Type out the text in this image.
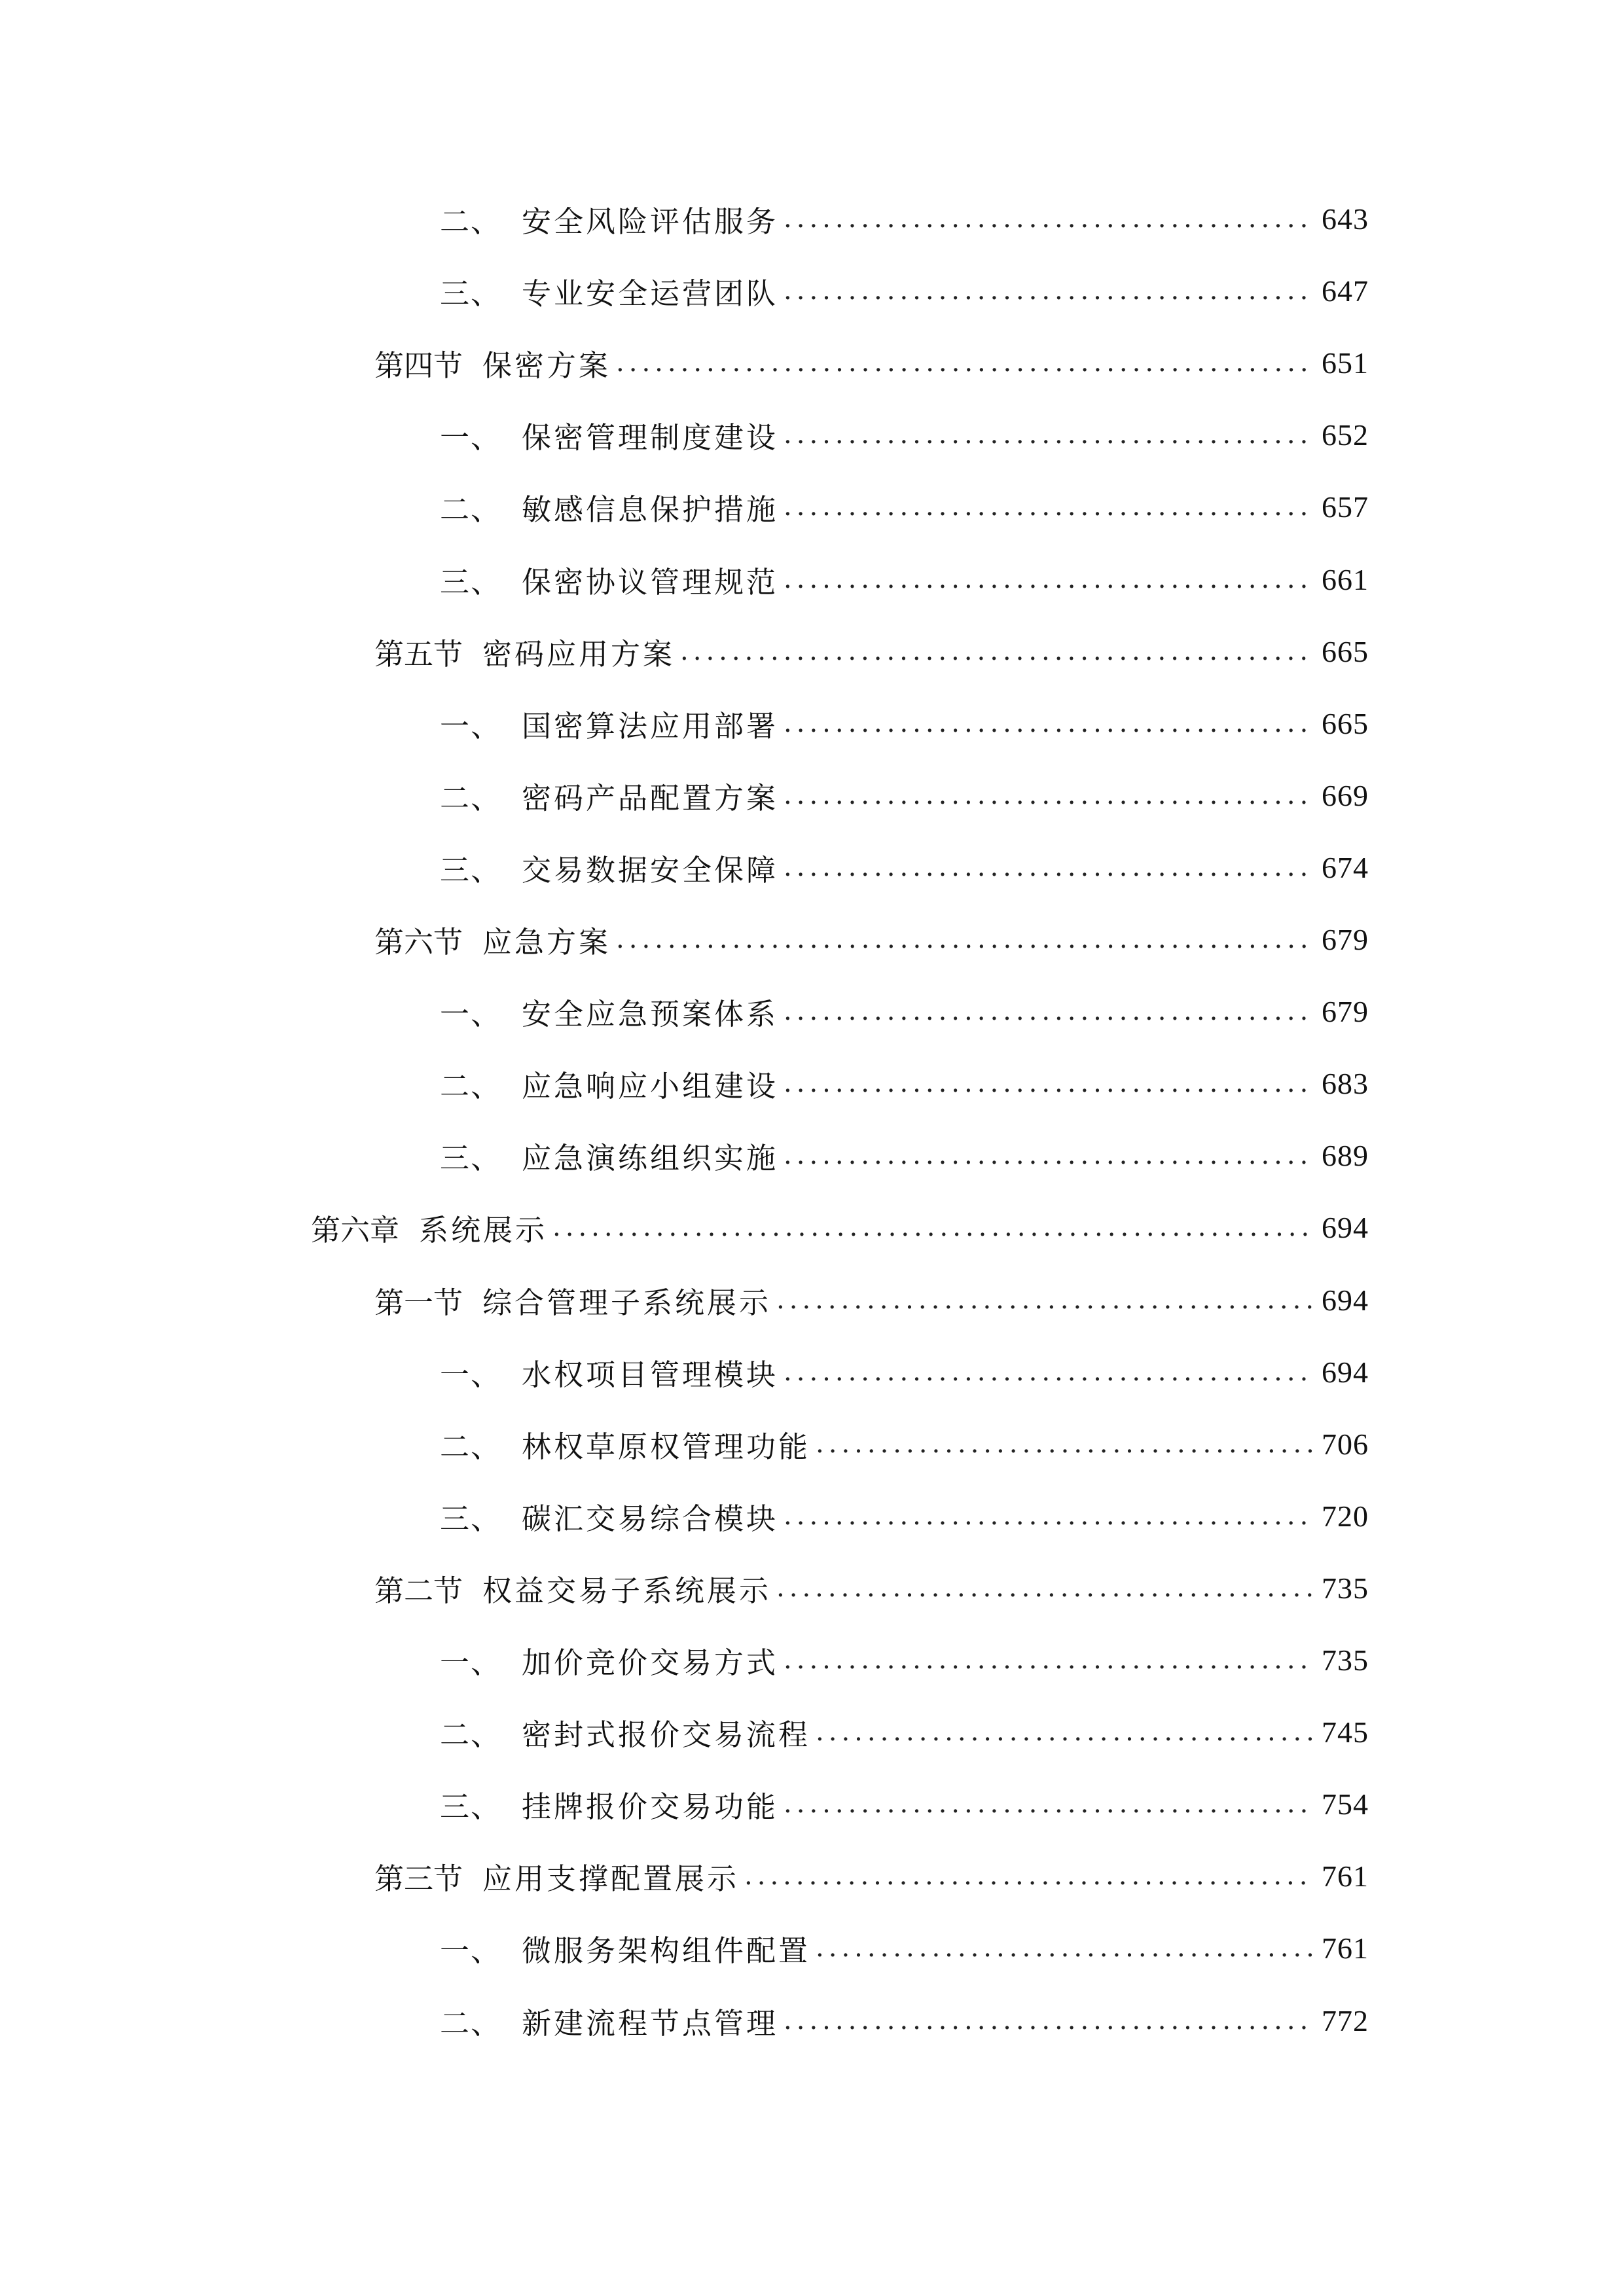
二、 安全风险评估服务 .....	643
三、 专业安全运营团队 .....	647
第四节 保密方案 .....	651
一、 保密管理制度建设 .....	652
二、 敏感信息保护措施 .....	657
三、 保密协议管理规范 .....	661
第五节 密码应用方案 .....	665
一、 国密算法应用部署 .....	665
二、 密码产品配置方案 .....	669
三、 交易数据安全保障 .....	674
第六节 应急方案 .....	679
一、 安全应急预案体系 .....	679
二、 应急响应小组建设 .....	683
三、 应急演练组织实施 .....	689
第六章 系统展示 .....	694
第一节 综合管理子系统展示 .....	694
一、 水权项目管理模块 .....	694
二、 林权草原权管理功能 .....	706
三、 碳汇交易综合模块 .....	720
第二节 权益交易子系统展示 .....	735
一、 加价竞价交易方式 .....	735
二、 密封式报价交易流程 .....	745
三、 挂牌报价交易功能 .....	754
第三节 应用支撑配置展示 .....	761
一、 微服务架构组件配置 .....	761
二、 新建流程节点管理 .....	772
